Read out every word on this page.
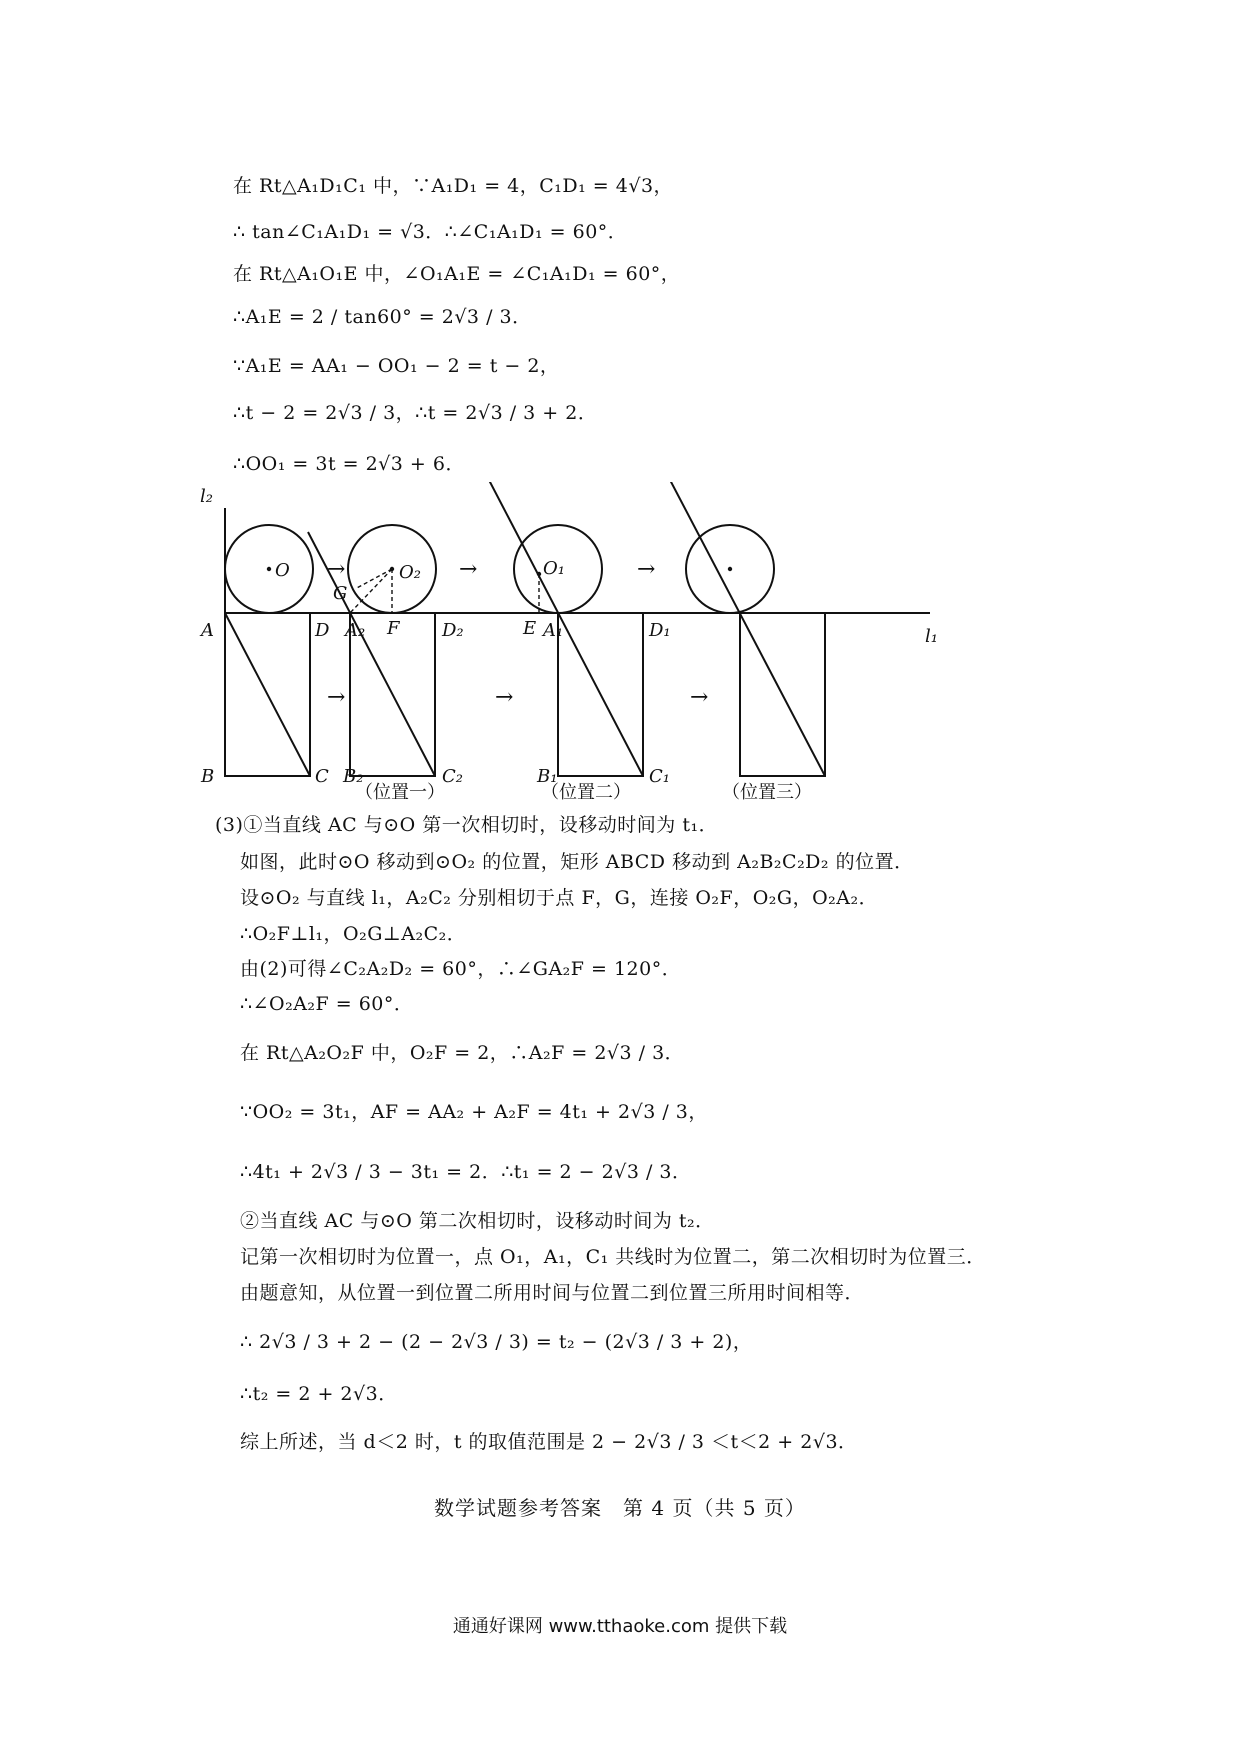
在 Rt△A₁D₁C₁ 中，∵A₁D₁ = 4，C₁D₁ = 4√3，
∴ tan∠C₁A₁D₁ = √3．∴∠C₁A₁D₁ = 60°．
在 Rt△A₁O₁E 中，∠O₁A₁E = ∠C₁A₁D₁ = 60°，
∴A₁E = 2 / tan60° = 2√3 / 3．
∵A₁E = AA₁ − OO₁ − 2 = t − 2，
∴t − 2 = 2√3 / 3，∴t = 2√3 / 3 + 2．
∴OO₁ = 3t = 2√3 + 6．
→	→	→
→	→	→
l₂
l₁
O	O₂	O₁
G
F	E
A	D A₂	D₂	A₁	D₁
B	C B₂	C₂	B₁	C₁
（位置一）	（位置二）	（位置三）
(3)①当直线 AC 与⊙O 第一次相切时，设移动时间为 t₁．
如图，此时⊙O 移动到⊙O₂ 的位置，矩形 ABCD 移动到 A₂B₂C₂D₂ 的位置．
设⊙O₂ 与直线 l₁，A₂C₂ 分别相切于点 F，G，连接 O₂F，O₂G，O₂A₂．
∴O₂F⊥l₁，O₂G⊥A₂C₂．
由(2)可得∠C₂A₂D₂ = 60°，∴∠GA₂F = 120°．
∴∠O₂A₂F = 60°．
在 Rt△A₂O₂F 中，O₂F = 2，∴A₂F = 2√3 / 3．
∵OO₂ = 3t₁，AF = AA₂ + A₂F = 4t₁ + 2√3 / 3，
∴4t₁ + 2√3 / 3 − 3t₁ = 2．∴t₁ = 2 − 2√3 / 3．
②当直线 AC 与⊙O 第二次相切时，设移动时间为 t₂．
记第一次相切时为位置一，点 O₁，A₁，C₁ 共线时为位置二，第二次相切时为位置三．
由题意知，从位置一到位置二所用时间与位置二到位置三所用时间相等．
∴ 2√3 / 3 + 2 − (2 − 2√3 / 3) = t₂ − (2√3 / 3 + 2)，
∴t₂ = 2 + 2√3．
综上所述，当 d＜2 时，t 的取值范围是 2 − 2√3 / 3 ＜t＜2 + 2√3．
数学试题参考答案　第 4 页（共 5 页）
通通好课网 www.tthaoke.com 提供下载
